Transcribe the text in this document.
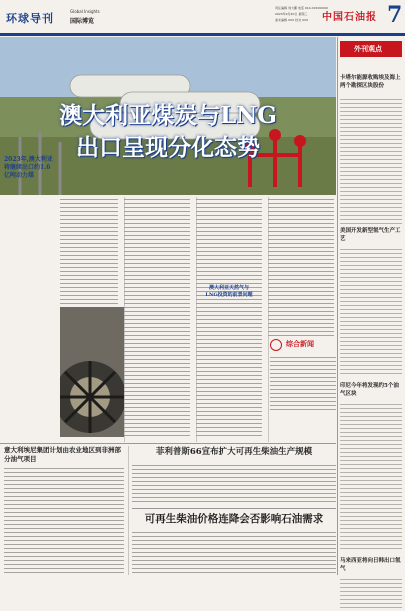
环球导刊
Global Insights
国际博览
责任编辑 刘大鹏 电话 010-XXXXXXXX
2023年9月20日 星期三
美术编辑 XXX 校对 XXX	中国石油报 7
澳大利亚煤炭与LNG
出口呈现分化态势
外刊观点
卡塔尔能源收购埃及海上两个勘探区块股份
美国开发新型氢气生产工艺
印尼今年将发现约5个油气区块
马来西亚将向日韩出口氢气
2023年,澳大利亚将继续出口约1.6亿吨动力煤
澳大利亚天然气与
LNG投资的前景问题
综合新闻
意大利埃尼集团计划由农业地区到非洲部分油气项目
菲利普斯66宣布扩大可再生柴油生产规模
可再生柴油价格连降会否影响石油需求
